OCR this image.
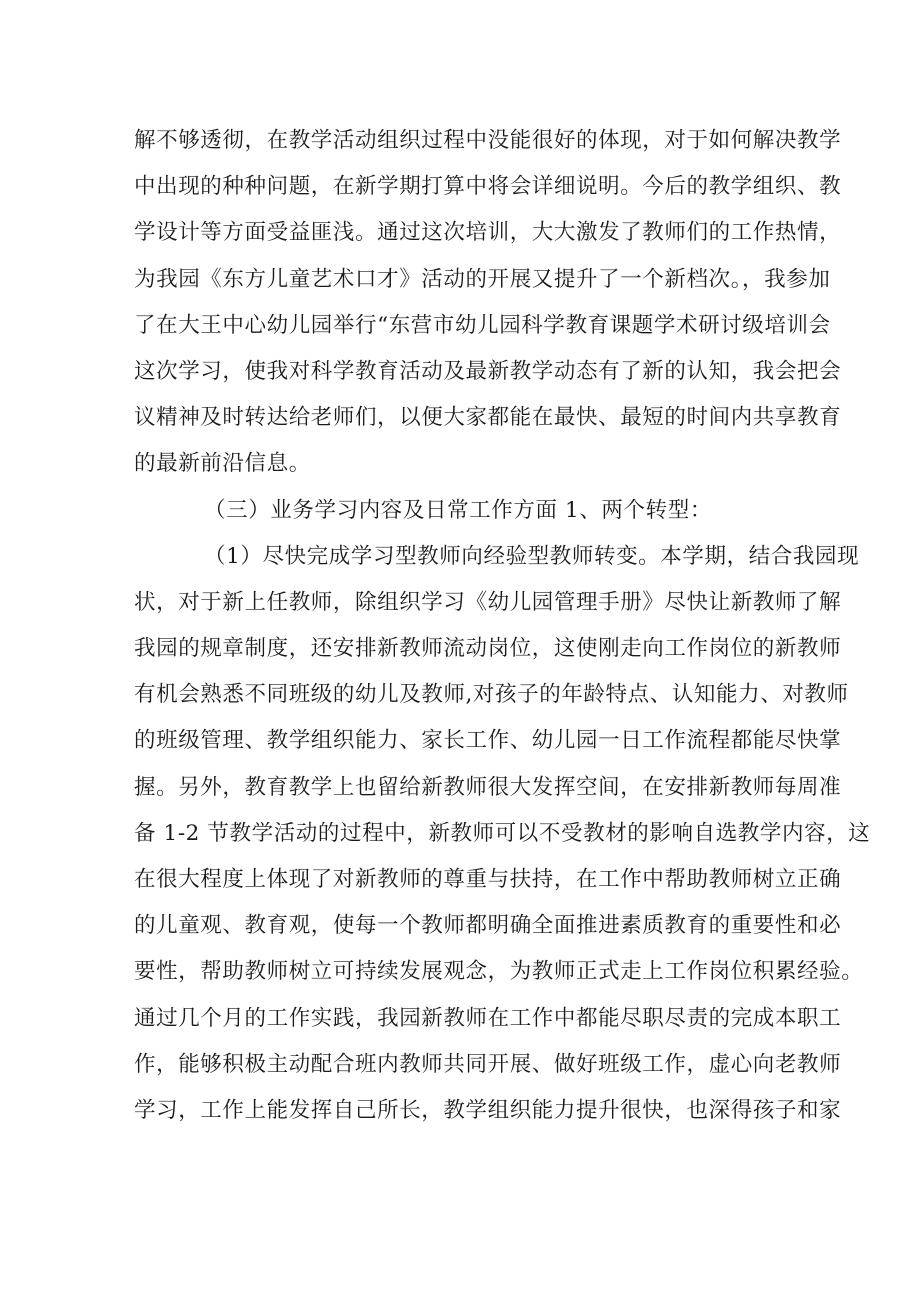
解不够透彻，在教学活动组织过程中没能很好的体现，对于如何解决教学
中出现的种种问题，在新学期打算中将会详细说明。今后的教学组织、教
学设计等方面受益匪浅。通过这次培训，大大激发了教师们的工作热情，
为我园《东方儿童艺术口才》活动的开展又提升了一个新档次。，我参加
了在大王中心幼儿园举行“东营市幼儿园科学教育课题学术研讨级培训会
这次学习，使我对科学教育活动及最新教学动态有了新的认知，我会把会
议精神及时转达给老师们，以便大家都能在最快、最短的时间内共享教育
的最新前沿信息。
（三）业务学习内容及日常工作方面 1、两个转型：
（1）尽快完成学习型教师向经验型教师转变。本学期，结合我园现
状，对于新上任教师，除组织学习《幼儿园管理手册》尽快让新教师了解
我园的规章制度，还安排新教师流动岗位，这使刚走向工作岗位的新教师
有机会熟悉不同班级的幼儿及教师,对孩子的年龄特点、认知能力、对教师
的班级管理、教学组织能力、家长工作、幼儿园一日工作流程都能尽快掌
握。另外，教育教学上也留给新教师很大发挥空间，在安排新教师每周准
备 1-2 节教学活动的过程中，新教师可以不受教材的影响自选教学内容，这
在很大程度上体现了对新教师的尊重与扶持，在工作中帮助教师树立正确
的儿童观、教育观，使每一个教师都明确全面推进素质教育的重要性和必
要性，帮助教师树立可持续发展观念，为教师正式走上工作岗位积累经验。
通过几个月的工作实践，我园新教师在工作中都能尽职尽责的完成本职工
作，能够积极主动配合班内教师共同开展、做好班级工作，虚心向老教师
学习，工作上能发挥自己所长，教学组织能力提升很快，也深得孩子和家
